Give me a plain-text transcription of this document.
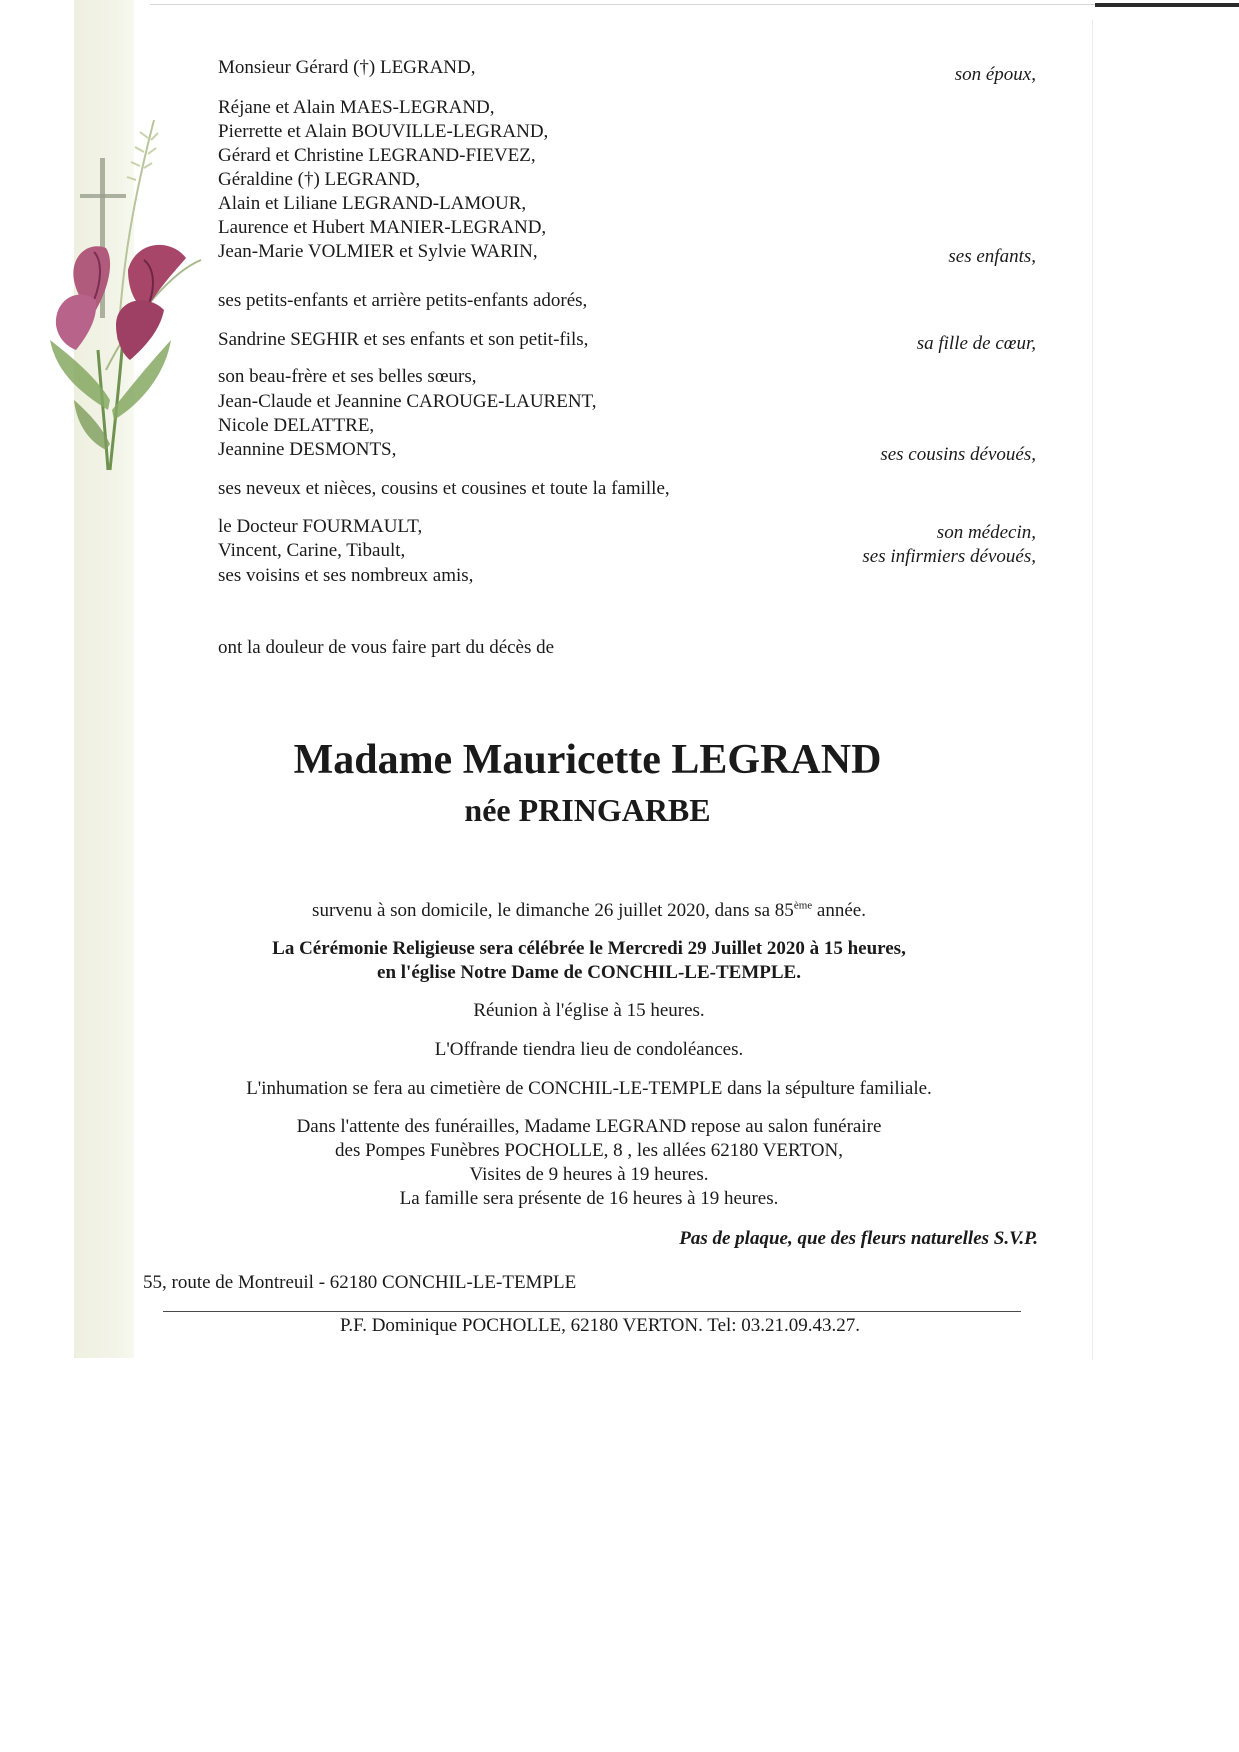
Monsieur Gérard (†) LEGRAND,
Réjane et Alain MAES-LEGRAND,
Pierrette et Alain BOUVILLE-LEGRAND,
Gérard et Christine LEGRAND-FIEVEZ,
Géraldine (†) LEGRAND,
Alain et Liliane LEGRAND-LAMOUR,
Laurence et Hubert MANIER-LEGRAND,
Jean-Marie VOLMIER et Sylvie WARIN,
ses petits-enfants et arrière petits-enfants adorés,
Sandrine SEGHIR et ses enfants et son petit-fils,
son beau-frère et ses belles sœurs,
Jean-Claude et Jeannine CAROUGE-LAURENT,
Nicole DELATTRE,
Jeannine DESMONTS,
ses neveux et nièces, cousins et cousines et toute la famille,
le Docteur FOURMAULT,
Vincent, Carine, Tibault,
ses voisins et ses nombreux amis,
son époux,
ses enfants,
sa fille de cœur,
ses cousins dévoués,
son médecin,
ses infirmiers dévoués,
ont la douleur de vous faire part du décès de
Madame Mauricette LEGRAND
née PRINGARBE
survenu à son domicile, le dimanche 26 juillet 2020, dans sa 85ème année.
La Cérémonie Religieuse sera célébrée le Mercredi 29 Juillet 2020 à 15 heures,
en l'église Notre Dame de CONCHIL-LE-TEMPLE.
Réunion à l'église à 15 heures.
L'Offrande tiendra lieu de condoléances.
L'inhumation se fera au cimetière de CONCHIL-LE-TEMPLE dans la sépulture familiale.
Dans l'attente des funérailles, Madame LEGRAND repose au salon funéraire
des Pompes Funèbres POCHOLLE, 8 , les allées 62180 VERTON,
Visites de 9 heures à 19 heures.
La famille sera présente de 16 heures à 19 heures.
Pas de plaque, que des fleurs naturelles S.V.P.
55, route de Montreuil - 62180 CONCHIL-LE-TEMPLE
P.F. Dominique POCHOLLE, 62180 VERTON. Tel: 03.21.09.43.27.
